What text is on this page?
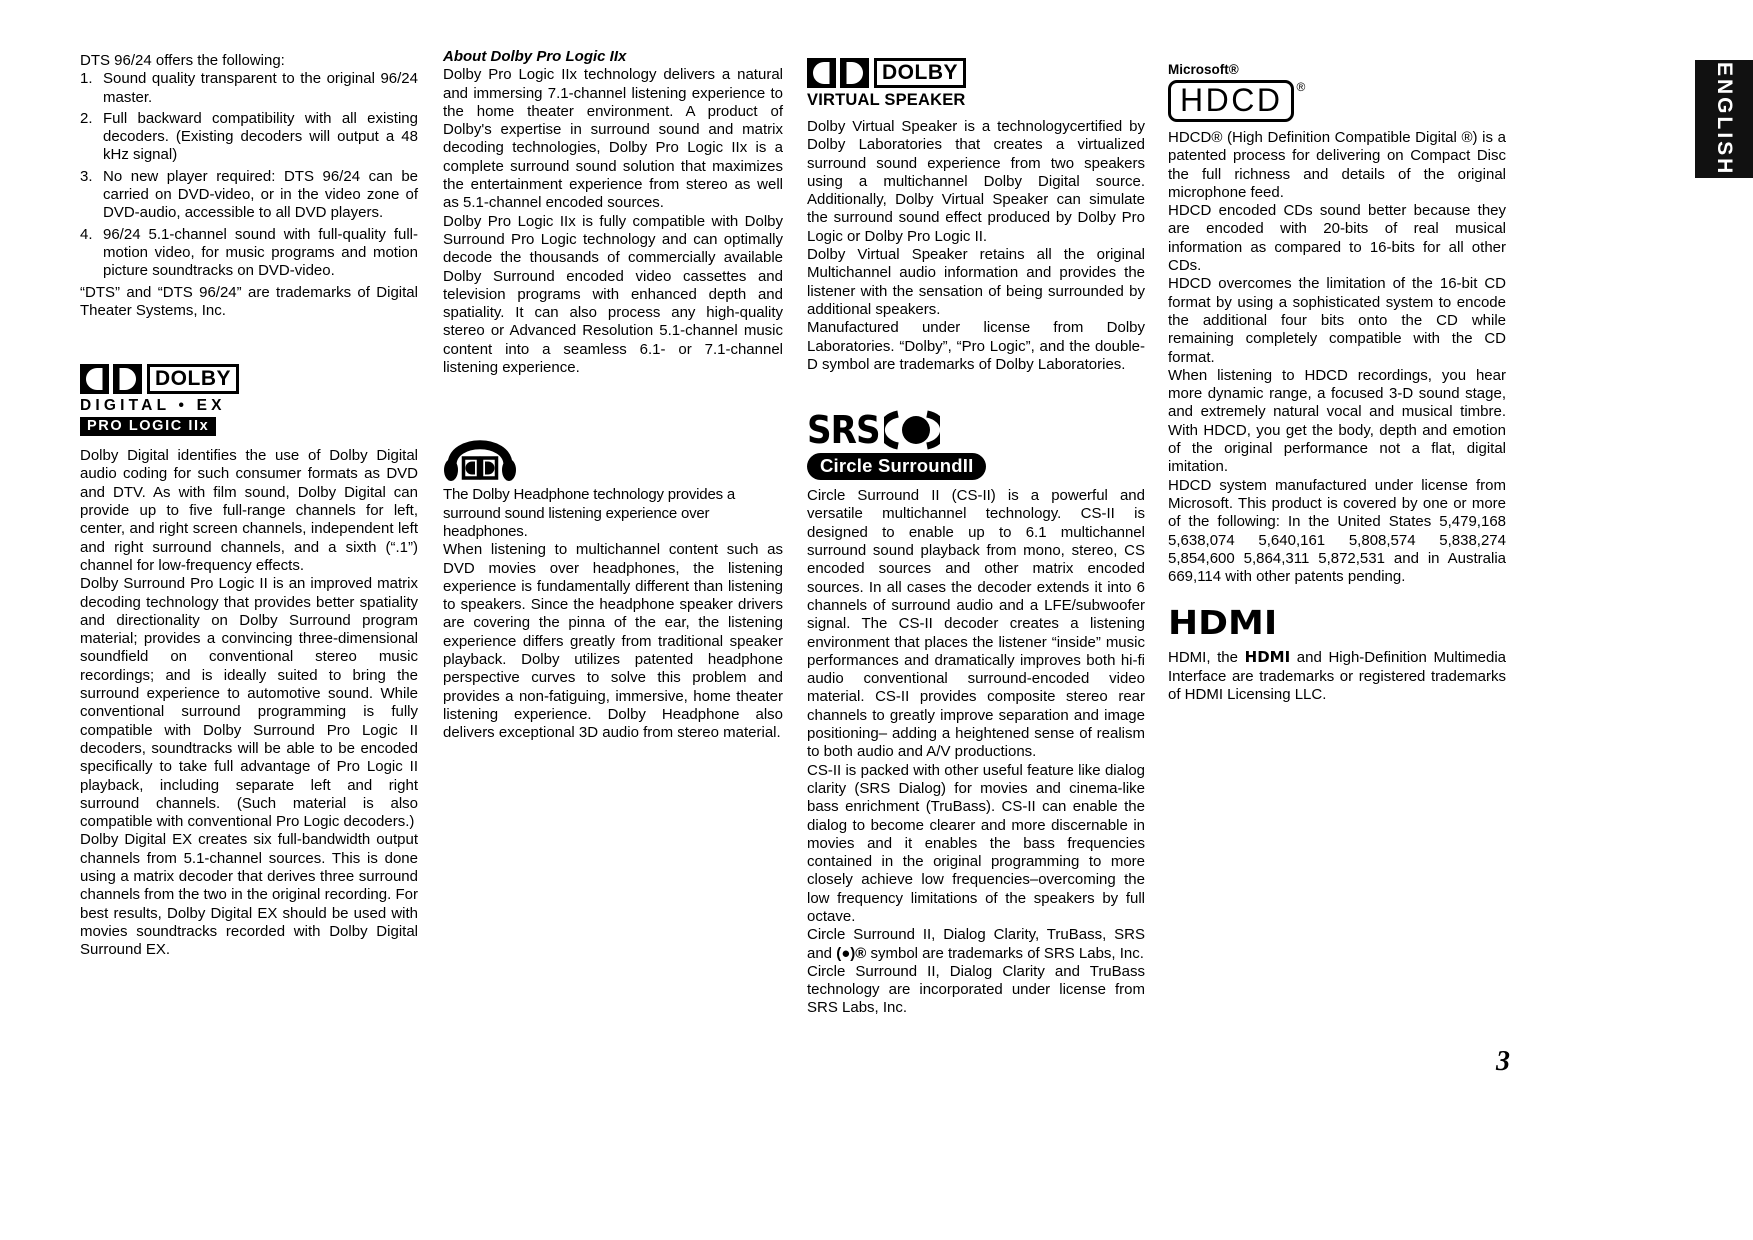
DTS 96/24 offers the following:

1. Sound quality transparent to the original 96/24 master.
2. Full backward compatibility with all existing decoders. (Existing decoders will output a 48 kHz signal)
3. No new player required: DTS 96/24 can be carried on DVD-video, or in the video zone of DVD-audio, accessible to all DVD players.
4. 96/24 5.1-channel sound with full-quality full-motion video, for music programs and motion picture soundtracks on DVD-video.

“DTS” and “DTS 96/24” are trademarks of Digital Theater Systems, Inc.

DOLBY
DIGITAL • EX
PRO LOGIC IIx

Dolby Digital identifies the use of Dolby Digital audio coding for such consumer formats as DVD and DTV. As with film sound, Dolby Digital can provide up to five full-range channels for left, center, and right screen channels, independent left and right surround channels, and a sixth (“.1”) channel for low-frequency effects.

Dolby Surround Pro Logic II is an improved matrix decoding technology that provides better spatiality and directionality on Dolby Surround program material; provides a convincing three-dimensional soundfield on conventional stereo music recordings; and is ideally suited to bring the surround experience to automotive sound. While conventional surround programming is fully compatible with Dolby Surround Pro Logic II decoders, soundtracks will be able to be encoded specifically to take full advantage of Pro Logic II playback, including separate left and right surround channels. (Such material is also compatible with conventional Pro Logic decoders.)

Dolby Digital EX creates six full-bandwidth output channels from 5.1-channel sources. This is done using a matrix decoder that derives three surround channels from the two in the original recording. For best results, Dolby Digital EX should be used with movies soundtracks recorded with Dolby Digital Surround EX.

About Dolby Pro Logic IIx

Dolby Pro Logic IIx technology delivers a natural and immersing 7.1-channel listening experience to the home theater environment. A product of Dolby's expertise in surround sound and matrix decoding technologies, Dolby Pro Logic IIx is a complete surround sound solution that maximizes the entertainment experience from stereo as well as 5.1-channel encoded sources.

Dolby Pro Logic IIx is fully compatible with Dolby Surround Pro Logic technology and can optimally decode the thousands of commercially available Dolby Surround encoded video cassettes and television programs with enhanced depth and spatiality. It can also process any high-quality stereo or Advanced Resolution 5.1-channel music content into a seamless 6.1- or 7.1-channel listening experience.

The Dolby Headphone technology provides a surround sound listening experience over headphones.

When listening to multichannel content such as DVD movies over headphones, the listening experience is fundamentally different than listening to speakers. Since the headphone speaker drivers are covering the pinna of the ear, the listening experience differs greatly from traditional speaker playback. Dolby utilizes patented headphone perspective curves to solve this problem and provides a non-fatiguing, immersive, home theater listening experience. Dolby Headphone also delivers exceptional 3D audio from stereo material.

DOLBY
VIRTUAL SPEAKER

Dolby Virtual Speaker is a technologycertified by Dolby Laboratories that creates a virtualized surround sound experience from two speakers using a multichannel Dolby Digital source. Additionally, Dolby Virtual Speaker can simulate the surround sound effect produced by Dolby Pro Logic or Dolby Pro Logic II.

Dolby Virtual Speaker retains all the original Multichannel audio information and provides the listener with the sensation of being surrounded by additional speakers.

Manufactured under license from Dolby Laboratories. “Dolby”, “Pro Logic”, and the double-D symbol are trademarks of Dolby Laboratories.

SRS
Circle SurroundII

Circle Surround II (CS-II) is a powerful and versatile multichannel technology. CS-II is designed to enable up to 6.1 multichannel surround sound playback from mono, stereo, CS encoded sources and other matrix encoded sources. In all cases the decoder extends it into 6 channels of surround audio and a LFE/subwoofer signal. The CS-II decoder creates a listening environment that places the listener “inside” music performances and dramatically improves both hi-fi audio conventional surround-encoded video material. CS-II provides composite stereo rear channels to greatly improve separation and image positioning– adding a heightened sense of realism to both audio and A/V productions.

CS-II is packed with other useful feature like dialog clarity (SRS Dialog) for movies and cinema-like bass enrichment (TruBass). CS-II can enable the dialog to become clearer and more discernable in movies and it enables the bass frequencies contained in the original programming to more closely achieve low frequencies–overcoming the low frequency limitations of the speakers by full octave.

Circle Surround II, Dialog Clarity, TruBass, SRS and (●)® symbol are trademarks of SRS Labs, Inc.

Circle Surround II, Dialog Clarity and TruBass technology are incorporated under license from SRS Labs, Inc.

Microsoft®
HDCD	®

HDCD® (High Definition Compatible Digital ®) is a patented process for delivering on Compact Disc the full richness and details of the original microphone feed.

HDCD encoded CDs sound better because they are encoded with 20-bits of real musical information as compared to 16-bits for all other CDs.

HDCD overcomes the limitation of the 16-bit CD format by using a sophisticated system to encode the additional four bits onto the CD while remaining completely compatible with the CD format.

When listening to HDCD recordings, you hear more dynamic range, a focused 3-D sound stage, and extremely natural vocal and musical timbre. With HDCD, you get the body, depth and emotion of the original performance not a flat, digital imitation.

HDCD system manufactured under license from Microsoft. This product is covered by one or more of the following: In the United States 5,479,168 5,638,074 5,640,161 5,808,574 5,838,274 5,854,600 5,864,311 5,872,531 and in Australia 669,114 with other patents pending.

HDMI

HDMI, the HDMI and High-Definition Multimedia Interface are trademarks or registered trademarks of HDMI Licensing LLC.

ENGLISH
3
